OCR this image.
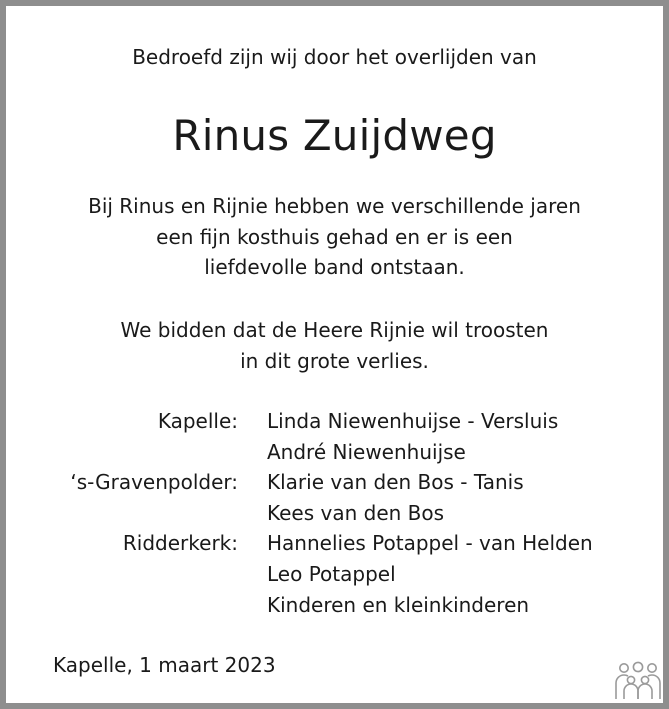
Bedroefd zijn wij door het overlijden van
Rinus Zuijdweg
Bij Rinus en Rijnie hebben we verschillende jaren
een fijn kosthuis gehad en er is een
liefdevolle band ontstaan.
We bidden dat de Heere Rijnie wil troosten
in dit grote verlies.
Kapelle: Linda Niewenhuijse - Versluis
André Niewenhuijse
‘s-Gravenpolder: Klarie van den Bos - Tanis
Kees van den Bos
Ridderkerk: Hannelies Potappel - van Helden
Leo Potappel
Kinderen en kleinkinderen
Kapelle, 1 maart 2023
